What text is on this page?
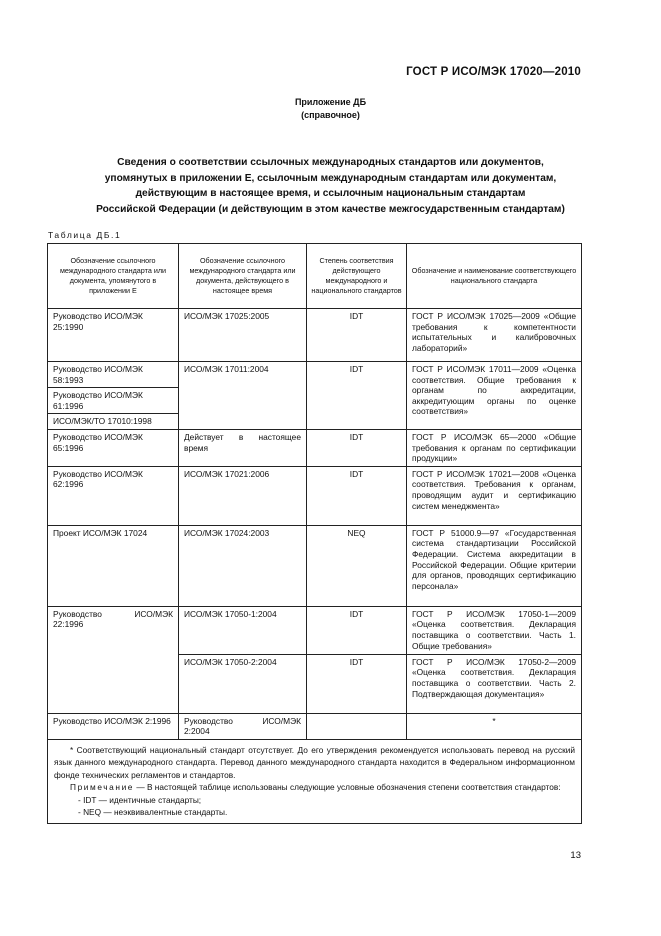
ГОСТ Р ИСО/МЭК 17020—2010
Приложение ДБ
(справочное)
Сведения о соответствии ссылочных международных стандартов или документов,
упомянутых в приложении Е, ссылочным международным стандартам или документам,
действующим в настоящее время, и ссылочным национальным стандартам
Российской Федерации (и действующим в этом качестве межгосударственным стандартам)
Таблица ДБ.1
Обозначение ссылочного международного стандарта или документа, упомянутого в приложении Е	Обозначение ссылочного международного стандарта или документа, действующего в настоящее время	Степень соответствия действующего международного и национального стандартов	Обозначение и наименование соответствующего национального стандарта
Руководство ИСО/МЭК 25:1990	ИСО/МЭК 17025:2005	IDT	ГОСТ Р ИСО/МЭК 17025—2009 «Общие требования к компетентности испытательных и калибровочных лабораторий»
Руководство ИСО/МЭК 58:1993	ИСО/МЭК 17011:2004	IDT	ГОСТ Р ИСО/МЭК 17011—2009 «Оценка соответствия. Общие требования к органам по аккредитации, аккредитующим органы по оценке соответствия»
Руководство ИСО/МЭК 61:1996			
ИСО/МЭК/ТО 17010:1998			
Руководство ИСО/МЭК 65:1996	Действует в настоящее время	IDT	ГОСТ Р ИСО/МЭК 65—2000 «Общие требования к органам по сертификации продукции»
Руководство ИСО/МЭК 62:1996	ИСО/МЭК 17021:2006	IDT	ГОСТ Р ИСО/МЭК 17021—2008 «Оценка соответствия. Требования к органам, проводящим аудит и сертификацию систем менеджмента»
Проект ИСО/МЭК 17024	ИСО/МЭК 17024:2003	NEQ	ГОСТ Р 51000.9—97 «Государственная система стандартизации Российской Федерации. Система аккредитации в Российской Федерации. Общие критерии для органов, проводящих сертификацию персонала»
Руководство ИСО/МЭК 22:1996	ИСО/МЭК 17050-1:2004	IDT	ГОСТ Р ИСО/МЭК 17050-1—2009 «Оценка соответствия. Декларация поставщика о соответствии. Часть 1. Общие требования»
	ИСО/МЭК 17050-2:2004	IDT	ГОСТ Р ИСО/МЭК 17050-2—2009 «Оценка соответствия. Декларация поставщика о соответствии. Часть 2. Подтверждающая документация»
Руководство ИСО/МЭК 2:1996	Руководство ИСО/МЭК 2:2004		*

* Соответствующий национальный стандарт отсутствует. До его утверждения рекомендуется использовать перевод на русский язык данного международного стандарта. Перевод данного международного стандарта находится в Федеральном информационном фонде технических регламентов и стандартов.

Примечание — В настоящей таблице использованы следующие условные обозначения степени соответствия стандартов:

- IDT — идентичные стандарты;

- NEQ — неэквивалентные стандарты.			

13
